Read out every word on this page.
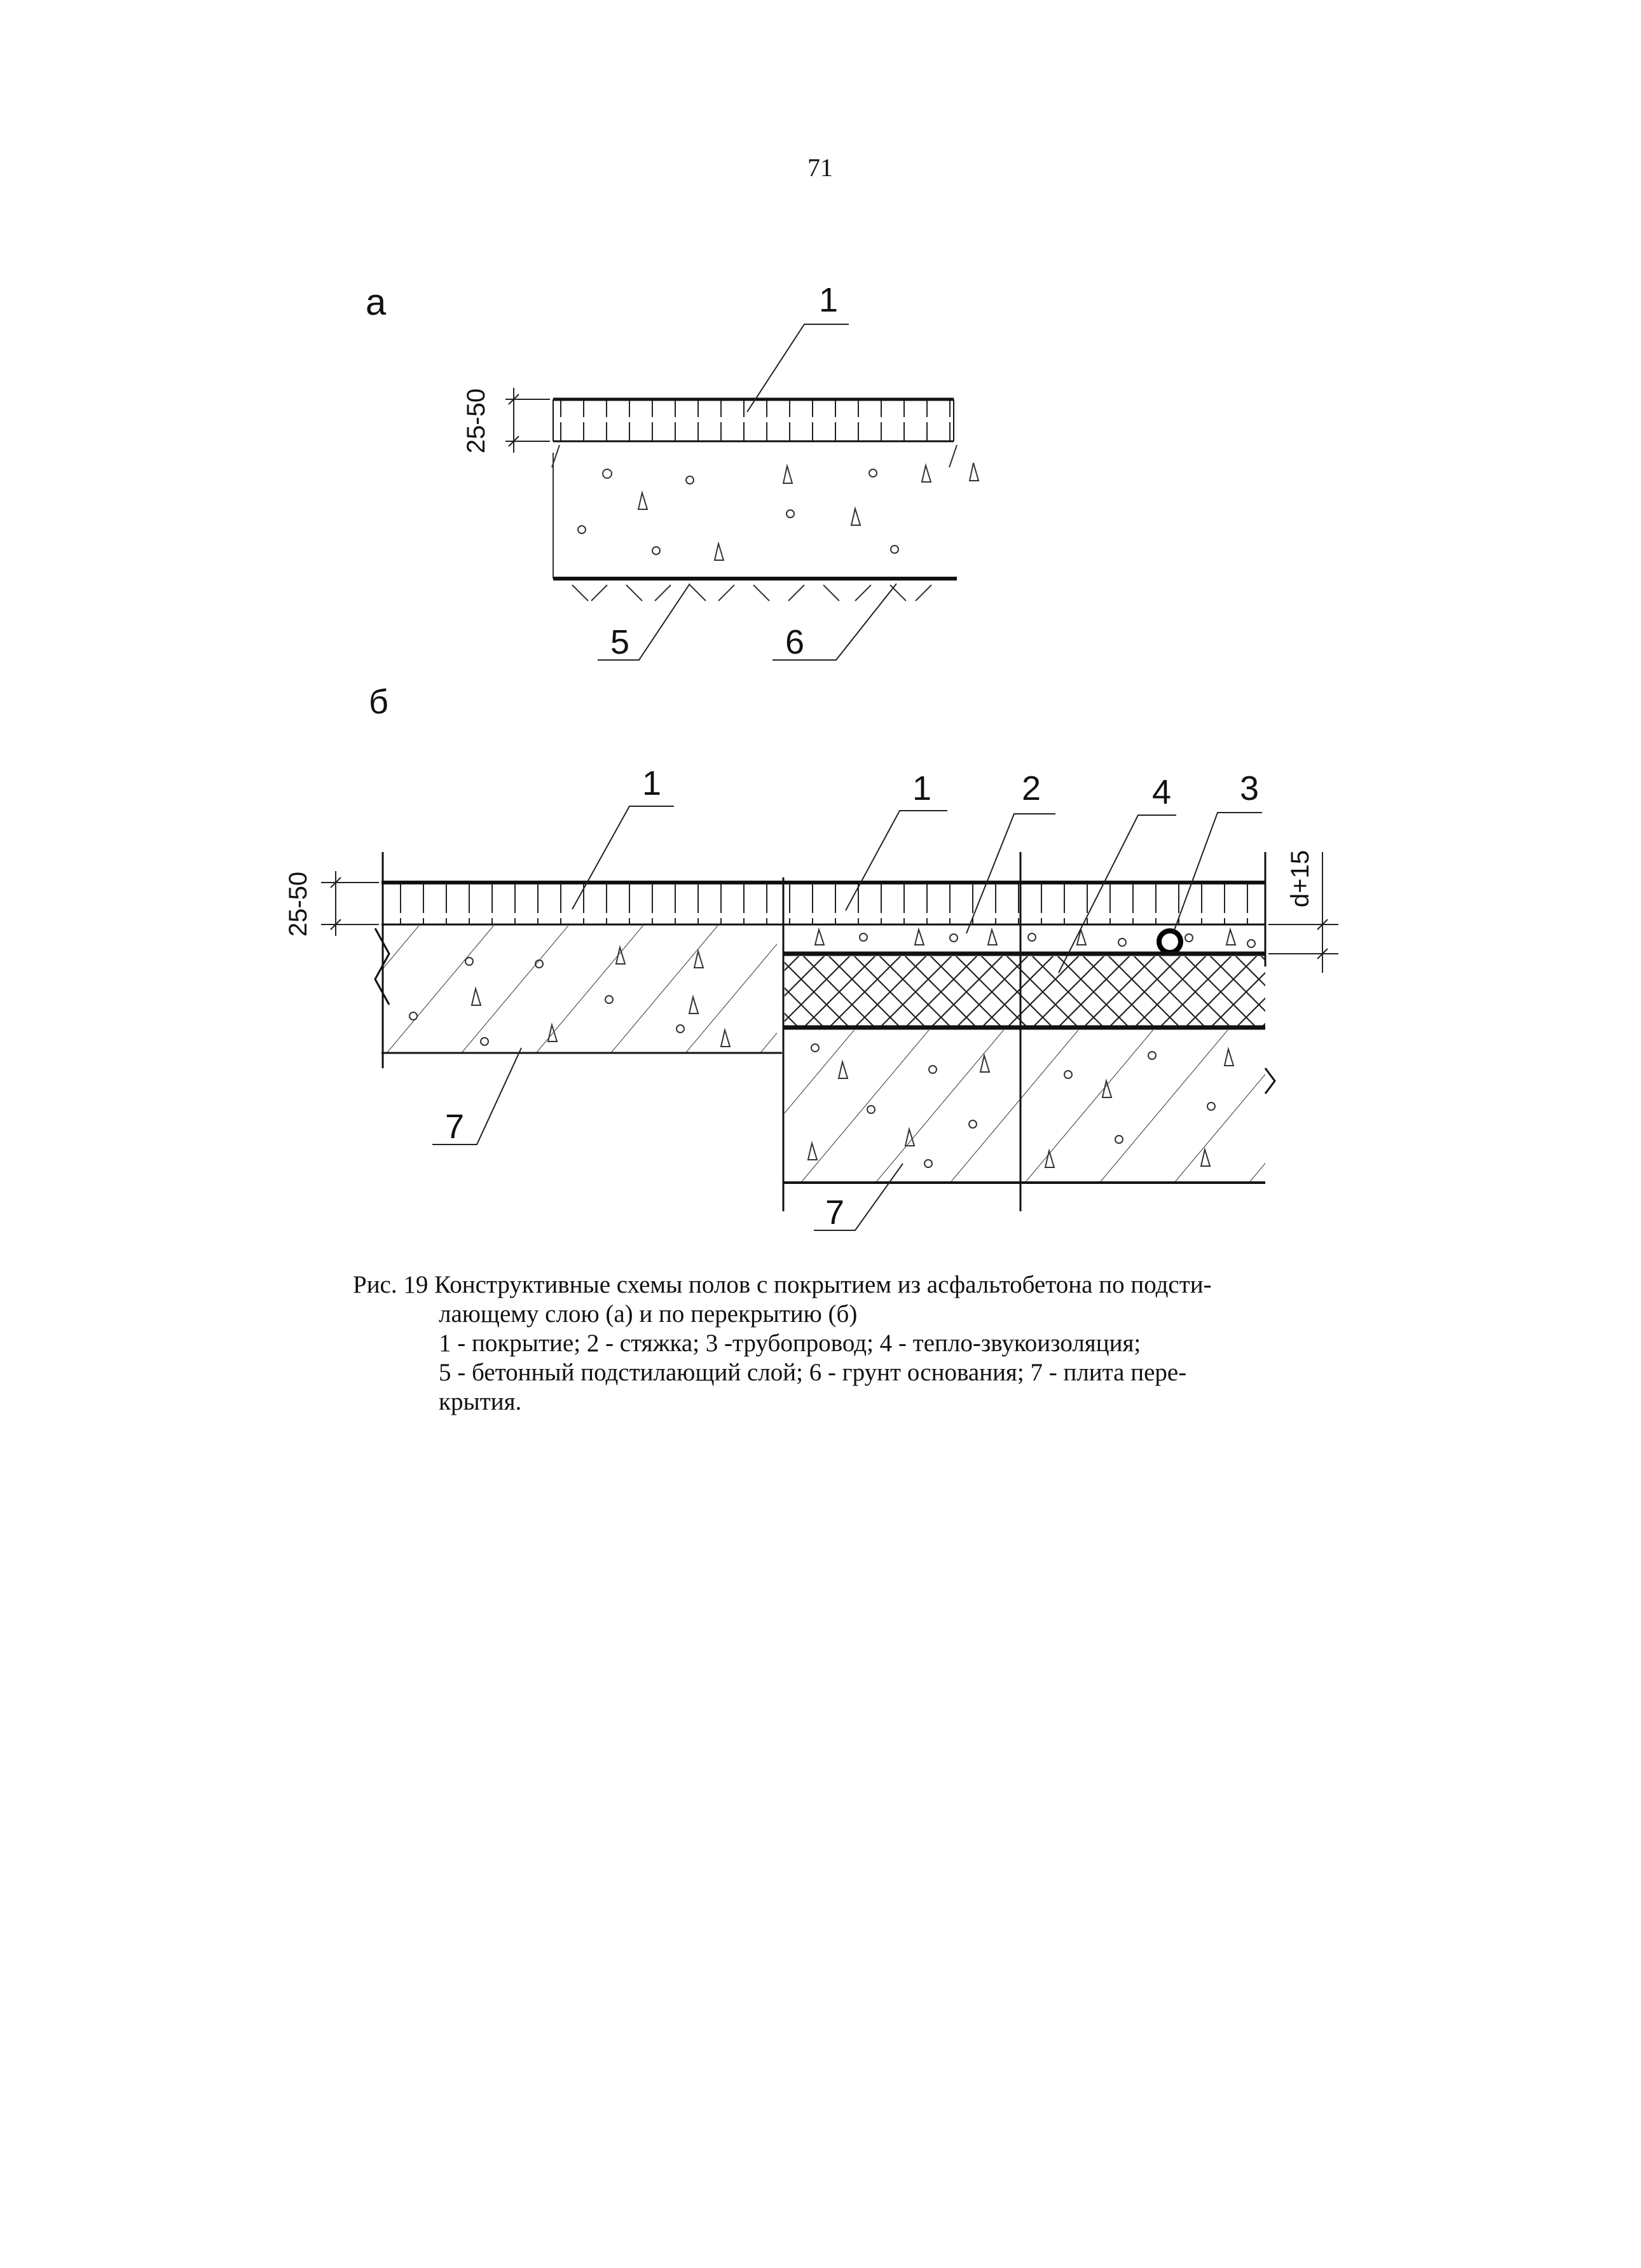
71
а
25-50
1
5	6
б
25-50	d+15
1	1	2	4 3
7
7

Рис. 19 Конструктивные схемы полов с покрытием из асфальтобетона по подсти-

лающему слою (а) и по перекрытию (б)

1 - покрытие; 2 - стяжка; 3 -трубопровод; 4 - тепло-звукоизоляция;

5 - бетонный подстилающий слой; 6 - грунт основания; 7 - плита пере-

крытия.
